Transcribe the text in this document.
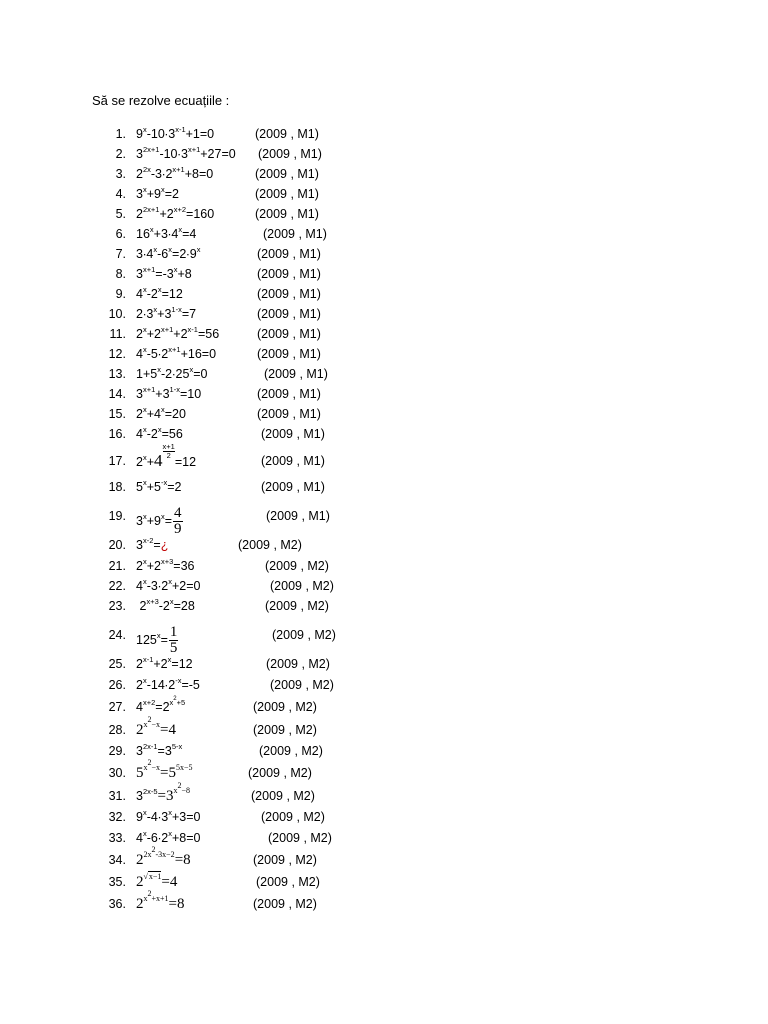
Să se rezolve ecuațiile :
1. $9^x-10\cdot 3^{x-1}+1=0$	(2009 , M1)
2. $3^{2x+1}-10\cdot 3^{x+1}+27=0$ (2009 , M1)
3. $2^{2x}-3\cdot 2^{x+1}+8=0$	(2009 , M1)
4. $3^x+9^x=2$	(2009 , M1)
5. $2^{2x+1}+2^{x+2}=160$	(2009 , M1)
6. $16^x+3\cdot 4^x=4$	(2009 , M1)
7. $3\cdot 4^x-6^x=2\cdot 9^x$	(2009 , M1)
8. $3^{x+1}=-3^x+8$	(2009 , M1)
9. $4^x-2^x=12$	(2009 , M1)
10. $2\cdot 3^x+3^{1-x}=7$	(2009 , M1)
11. $2^x+2^{x+1}+2^{x-1}=56$	(2009 , M1)
12. $4^x-5\cdot 2^{x+1}+16=0$	(2009 , M1)
13. $1+5^x-2\cdot 25^x=0$	(2009 , M1)
14. $3^{x+1}+3^{1-x}=10$	(2009 , M1)
15. $2^x+4^x=20$	(2009 , M1)
16. $4^x-2^x=56$	(2009 , M1)
17. $2^x+4 \frac{x+1}{2}=12$	(2009 , M1)
18. $5^x+5^{-x}=2$	(2009 , M1)
19. $3^x+9^x= \frac{4}{9}$	(2009 , M1)
20. $3^{x-2}=¿$	(2009 , M2)
21. $2^x+2^{x+3}=36$	(2009 , M2)
22. $4^x-3\cdot 2^x+2=0$	(2009 , M2)
23. $2^{x+3}-2^x=28$	(2009 , M2)
24. $125^x= \frac{1}{5}$	(2009 , M2)
25. $2^{x-1}+2^x=12$	(2009 , M2)
26. $2^x-14\cdot 2^{-x}=-5$	(2009 , M2)
27. $4^{x+2}=2^{x^2+5}$	(2009 , M2)
28. $2^{x^2-x}=4$	(2009 , M2)
29. $3^{2x-1}=3^{5-x}$	(2009 , M2)
30. $5^{x^2-x}=5^{5x-5}$	(2009 , M2)
31. $3^{2x-5}=3^{x^2-8}$	(2009 , M2)
32. $9^x-4\cdot 3^x+3=0$	(2009 , M2)
33. $4^x-6\cdot 2^x+8=0$	(2009 , M2)
34. $2^{2x^2-3x-2}=8$	(2009 , M2)
35. $2^{√x-1}=4$	(2009 , M2)
36. $2^{x^2+x+1}=8$	(2009 , M2)
